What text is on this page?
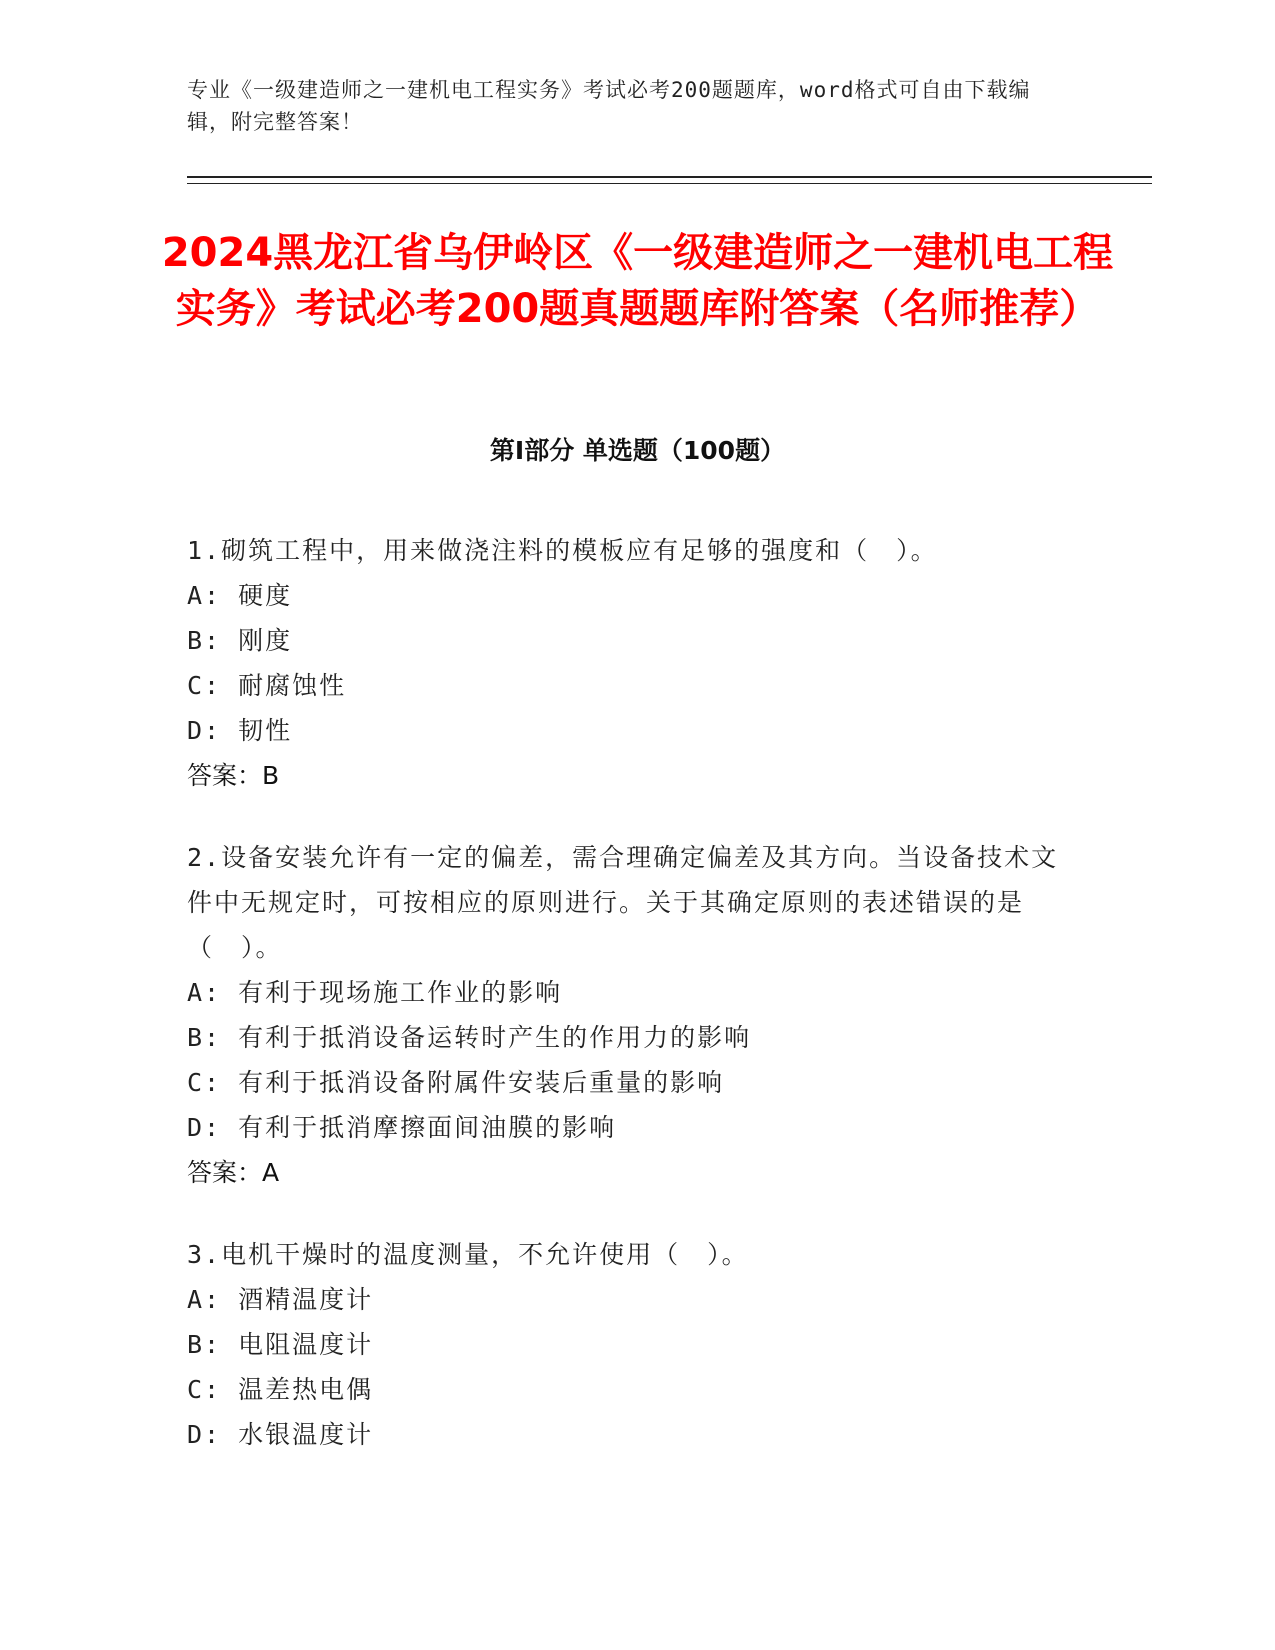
专业《一级建造师之一建机电工程实务》考试必考200题题库，word格式可自由下载编辑，附完整答案！
2024黑龙江省乌伊岭区《一级建造师之一建机电工程实务》考试必考200题真题题库附答案（名师推荐）
第I部分 单选题（100题）
1.砌筑工程中，用来做浇注料的模板应有足够的强度和（　）。
A: 硬度
B: 刚度
C: 耐腐蚀性
D: 韧性
答案：B
2.设备安装允许有一定的偏差，需合理确定偏差及其方向。当设备技术文件中无规定时，可按相应的原则进行。关于其确定原则的表述错误的是（　）。
A: 有利于现场施工作业的影响
B: 有利于抵消设备运转时产生的作用力的影响
C: 有利于抵消设备附属件安装后重量的影响
D: 有利于抵消摩擦面间油膜的影响
答案：A
3.电机干燥时的温度测量，不允许使用（　）。
A: 酒精温度计
B: 电阻温度计
C: 温差热电偶
D: 水银温度计
